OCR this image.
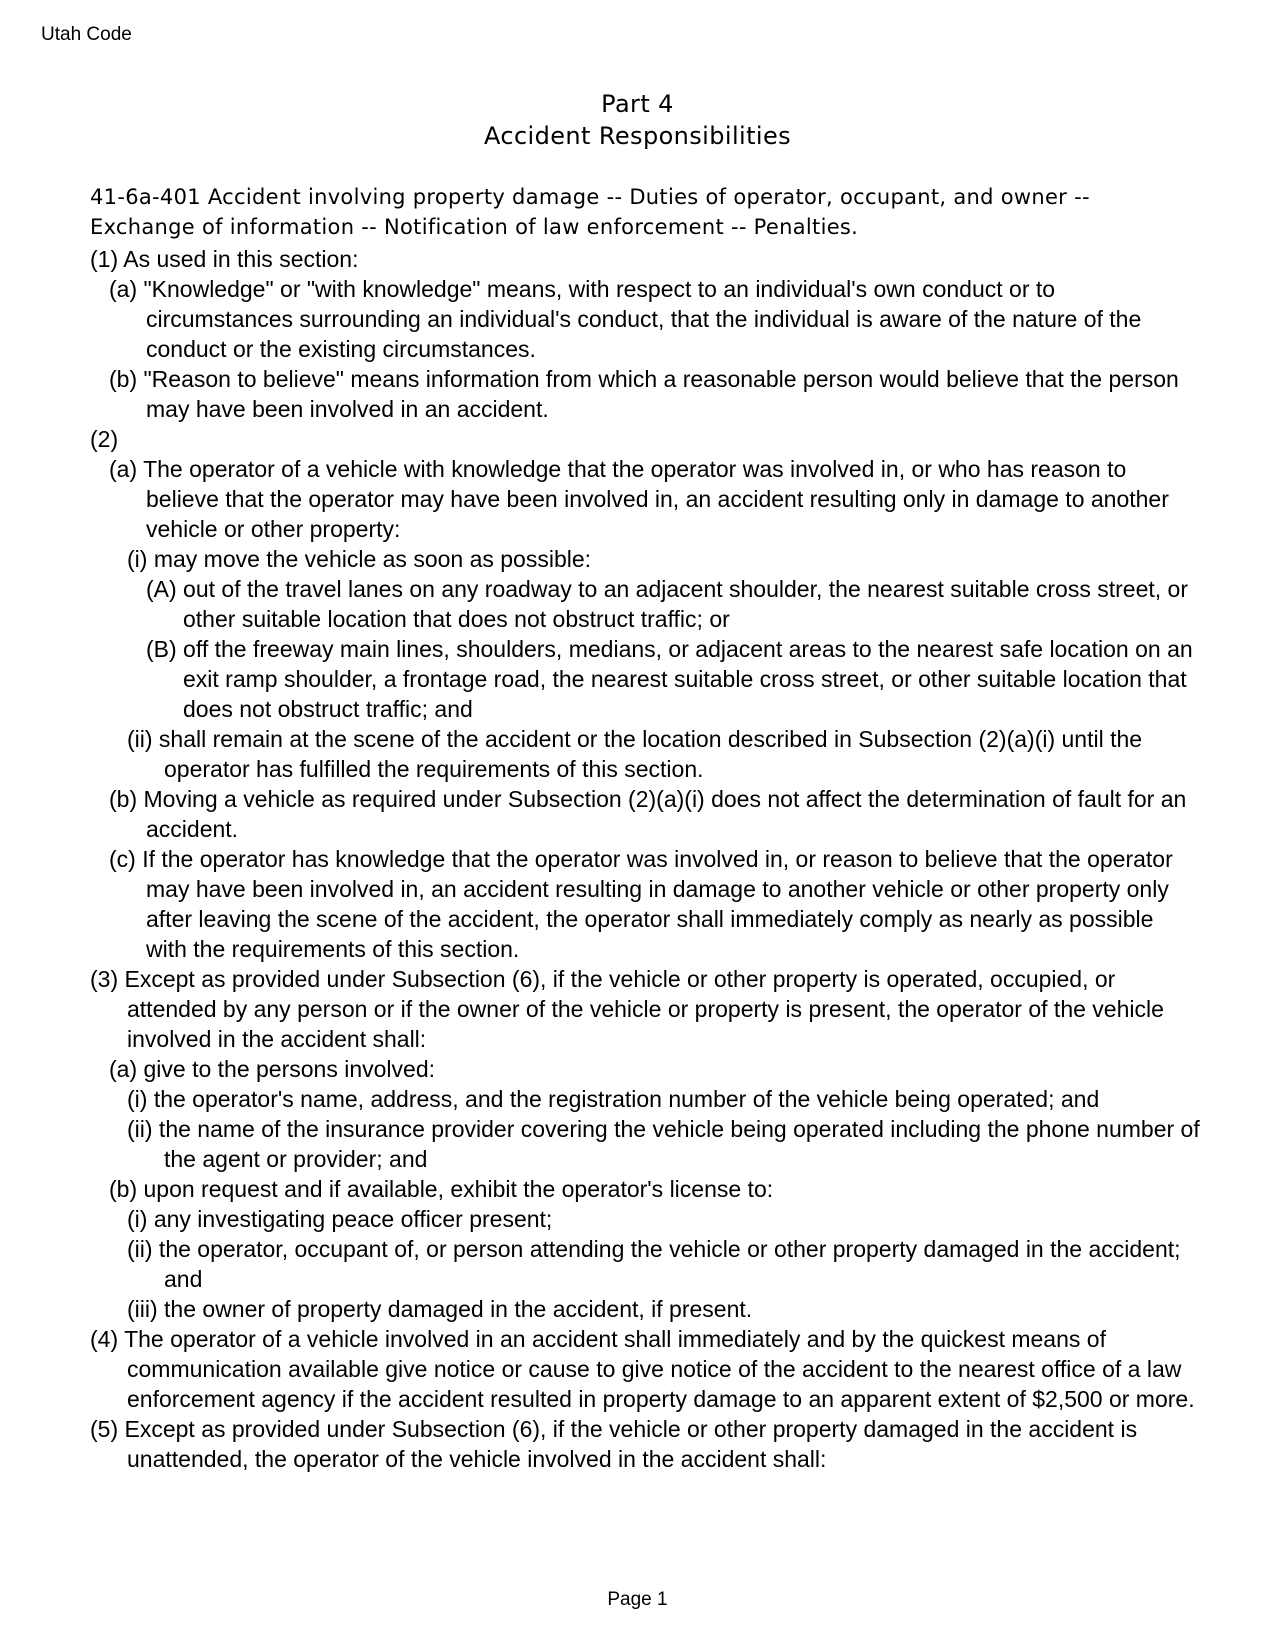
Utah Code
Part 4
Accident Responsibilities
41-6a-401 Accident involving property damage -- Duties of operator, occupant, and owner -- Exchange of information -- Notification of law enforcement -- Penalties.

(1) As used in this section:

(a) "Knowledge" or "with knowledge" means, with respect to an individual's own conduct or to circumstances surrounding an individual's conduct, that the individual is aware of the nature of the conduct or the existing circumstances.

(b) "Reason to believe" means information from which a reasonable person would believe that the person may have been involved in an accident.

(2)

(a) The operator of a vehicle with knowledge that the operator was involved in, or who has reason to believe that the operator may have been involved in, an accident resulting only in damage to another vehicle or other property:

(i) may move the vehicle as soon as possible:

(A) out of the travel lanes on any roadway to an adjacent shoulder, the nearest suitable cross street, or other suitable location that does not obstruct traffic; or

(B) off the freeway main lines, shoulders, medians, or adjacent areas to the nearest safe location on an exit ramp shoulder, a frontage road, the nearest suitable cross street, or other suitable location that does not obstruct traffic; and

(ii) shall remain at the scene of the accident or the location described in Subsection (2)(a)(i) until the operator has fulfilled the requirements of this section.

(b) Moving a vehicle as required under Subsection (2)(a)(i) does not affect the determination of fault for an accident.

(c) If the operator has knowledge that the operator was involved in, or reason to believe that the operator may have been involved in, an accident resulting in damage to another vehicle or other property only after leaving the scene of the accident, the operator shall immediately comply as nearly as possible with the requirements of this section.

(3) Except as provided under Subsection (6), if the vehicle or other property is operated, occupied, or attended by any person or if the owner of the vehicle or property is present, the operator of the vehicle involved in the accident shall:

(a) give to the persons involved:

(i) the operator's name, address, and the registration number of the vehicle being operated; and

(ii) the name of the insurance provider covering the vehicle being operated including the phone number of the agent or provider; and

(b) upon request and if available, exhibit the operator's license to:

(i) any investigating peace officer present;

(ii) the operator, occupant of, or person attending the vehicle or other property damaged in the accident; and

(iii) the owner of property damaged in the accident, if present.

(4) The operator of a vehicle involved in an accident shall immediately and by the quickest means of communication available give notice or cause to give notice of the accident to the nearest office of a law enforcement agency if the accident resulted in property damage to an apparent extent of $2,500 or more.

(5) Except as provided under Subsection (6), if the vehicle or other property damaged in the accident is unattended, the operator of the vehicle involved in the accident shall:

Page 1
